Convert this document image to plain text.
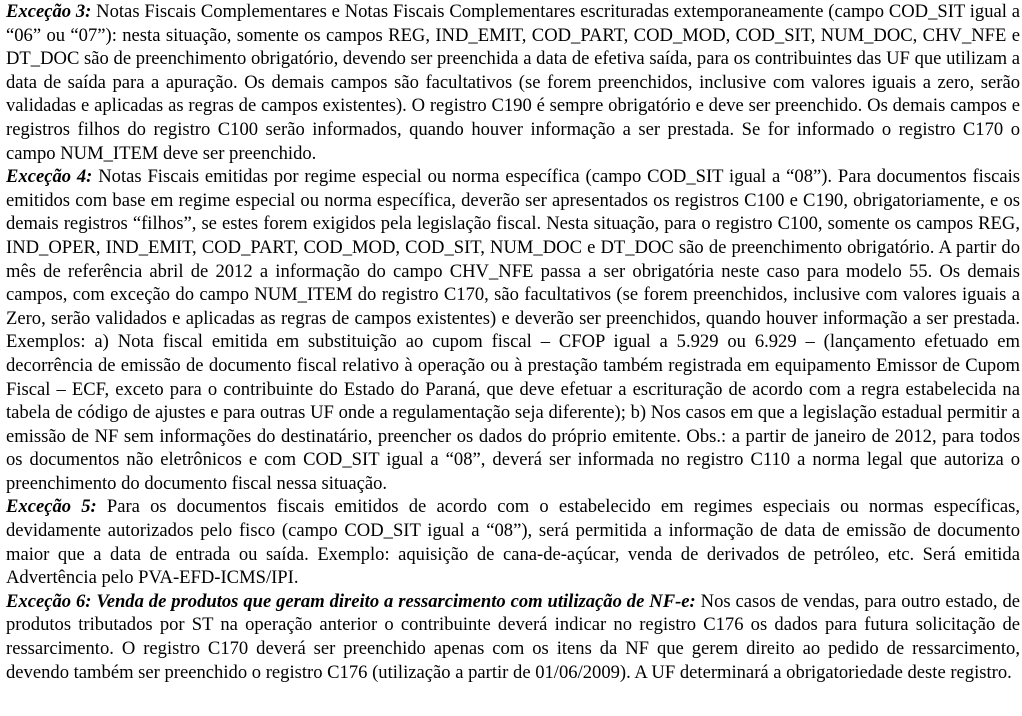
Exceção 3: Notas Fiscais Complementares e Notas Fiscais Complementares escrituradas extemporaneamente (campo COD_SIT igual a “06” ou “07”): nesta situação, somente os campos REG, IND_EMIT, COD_PART, COD_MOD, COD_SIT, NUM_DOC, CHV_NFE e DT_DOC são de preenchimento obrigatório, devendo ser preenchida a data de efetiva saída, para os contribuintes das UF que utilizam a data de saída para a apuração. Os demais campos são facultativos (se forem preenchidos, inclusive com valores iguais a zero, serão validadas e aplicadas as regras de campos existentes). O registro C190 é sempre obrigatório e deve ser preenchido. Os demais campos e registros filhos do registro C100 serão informados, quando houver informação a ser prestada. Se for informado o registro C170 o campo NUM_ITEM deve ser preenchido.

Exceção 4: Notas Fiscais emitidas por regime especial ou norma específica (campo COD_SIT igual a “08”). Para documentos fiscais emitidos com base em regime especial ou norma específica, deverão ser apresentados os registros C100 e C190, obrigatoriamente, e os demais registros “filhos”, se estes forem exigidos pela legislação fiscal. Nesta situação, para o registro C100, somente os campos REG, IND_OPER, IND_EMIT, COD_PART, COD_MOD, COD_SIT, NUM_DOC e DT_DOC são de preenchimento obrigatório. A partir do mês de referência abril de 2012 a informação do campo CHV_NFE passa a ser obrigatória neste caso para modelo 55. Os demais campos, com exceção do campo NUM_ITEM do registro C170, são facultativos (se forem preenchidos, inclusive com valores iguais a Zero, serão validados e aplicadas as regras de campos existentes) e deverão ser preenchidos, quando houver informação a ser prestada. Exemplos: a) Nota fiscal emitida em substituição ao cupom fiscal – CFOP igual a 5.929 ou 6.929 – (lançamento efetuado em decorrência de emissão de documento fiscal relativo à operação ou à prestação também registrada em equipamento Emissor de Cupom Fiscal – ECF, exceto para o contribuinte do Estado do Paraná, que deve efetuar a escrituração de acordo com a regra estabelecida na tabela de código de ajustes e para outras UF onde a regulamentação seja diferente); b) Nos casos em que a legislação estadual permitir a emissão de NF sem informações do destinatário, preencher os dados do próprio emitente. Obs.: a partir de janeiro de 2012, para todos os documentos não eletrônicos e com COD_SIT igual a “08”, deverá ser informada no registro C110 a norma legal que autoriza o preenchimento do documento fiscal nessa situação.

Exceção 5: Para os documentos fiscais emitidos de acordo com o estabelecido em regimes especiais ou normas específicas, devidamente autorizados pelo fisco (campo COD_SIT igual a “08”), será permitida a informação de data de emissão de documento maior que a data de entrada ou saída. Exemplo: aquisição de cana-de-açúcar, venda de derivados de petróleo, etc. Será emitida Advertência pelo PVA-EFD-ICMS/IPI.

Exceção 6: Venda de produtos que geram direito a ressarcimento com utilização de NF-e: Nos casos de vendas, para outro estado, de produtos tributados por ST na operação anterior o contribuinte deverá indicar no registro C176 os dados para futura solicitação de ressarcimento. O registro C170 deverá ser preenchido apenas com os itens da NF que gerem direito ao pedido de ressarcimento, devendo também ser preenchido o registro C176 (utilização a partir de 01/06/2009). A UF determinará a obrigatoriedade deste registro.
